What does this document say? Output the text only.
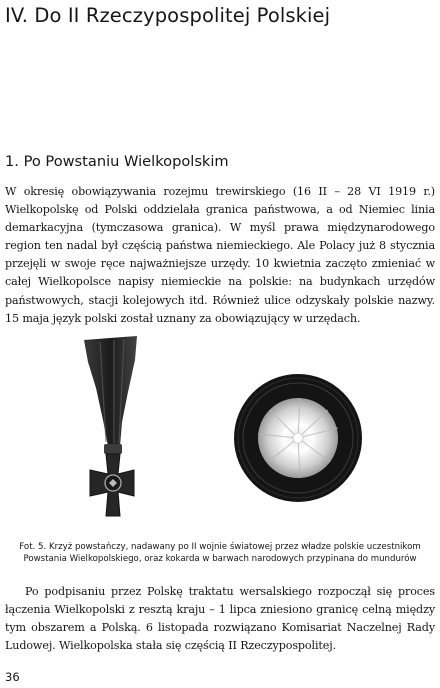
IV. Do II Rzeczypospolitej Polskiej
1. Po Powstaniu Wielkopolskim

W okresię obowiązywania rozejmu trewirskiego (16 II – 28 VI 1919 r.) Wielkopolskę od Polski oddzielała granica państwowa, a od Niemiec linia demarkacyjna (tymczasowa granica). W myśl prawa międzynarodowego region ten nadal był częścią państwa niemieckiego. Ale Polacy już 8 stycznia przejęli w swoje ręce najważniejsze urzędy. 10 kwietnia zaczęto zmieniać w całej Wielkopolsce napisy niemieckie na polskie: na budynkach urzędów państwowych, stacji kolejowych itd. Również ulice odzyskały polskie nazwy. 15 maja język polski został uznany za obowiązujący w urzędach.

Fot. 5. Krzyż powstańczy, nadawany po II wojnie światowej przez władze polskie uczestnikom Powstania Wielkopolskiego, oraz kokarda w barwach narodowych przypinana do mundurów

Po podpisaniu przez Polskę traktatu wersalskiego rozpoczął się proces łączenia Wielkopolski z resztą kraju – 1 lipca zniesiono granicę celną między tym obszarem a Polską. 6 listopada rozwiązano Komisariat Naczelnej Rady Ludowej. Wielkopolska stała się częścią II Rzeczypospolitej.

36
